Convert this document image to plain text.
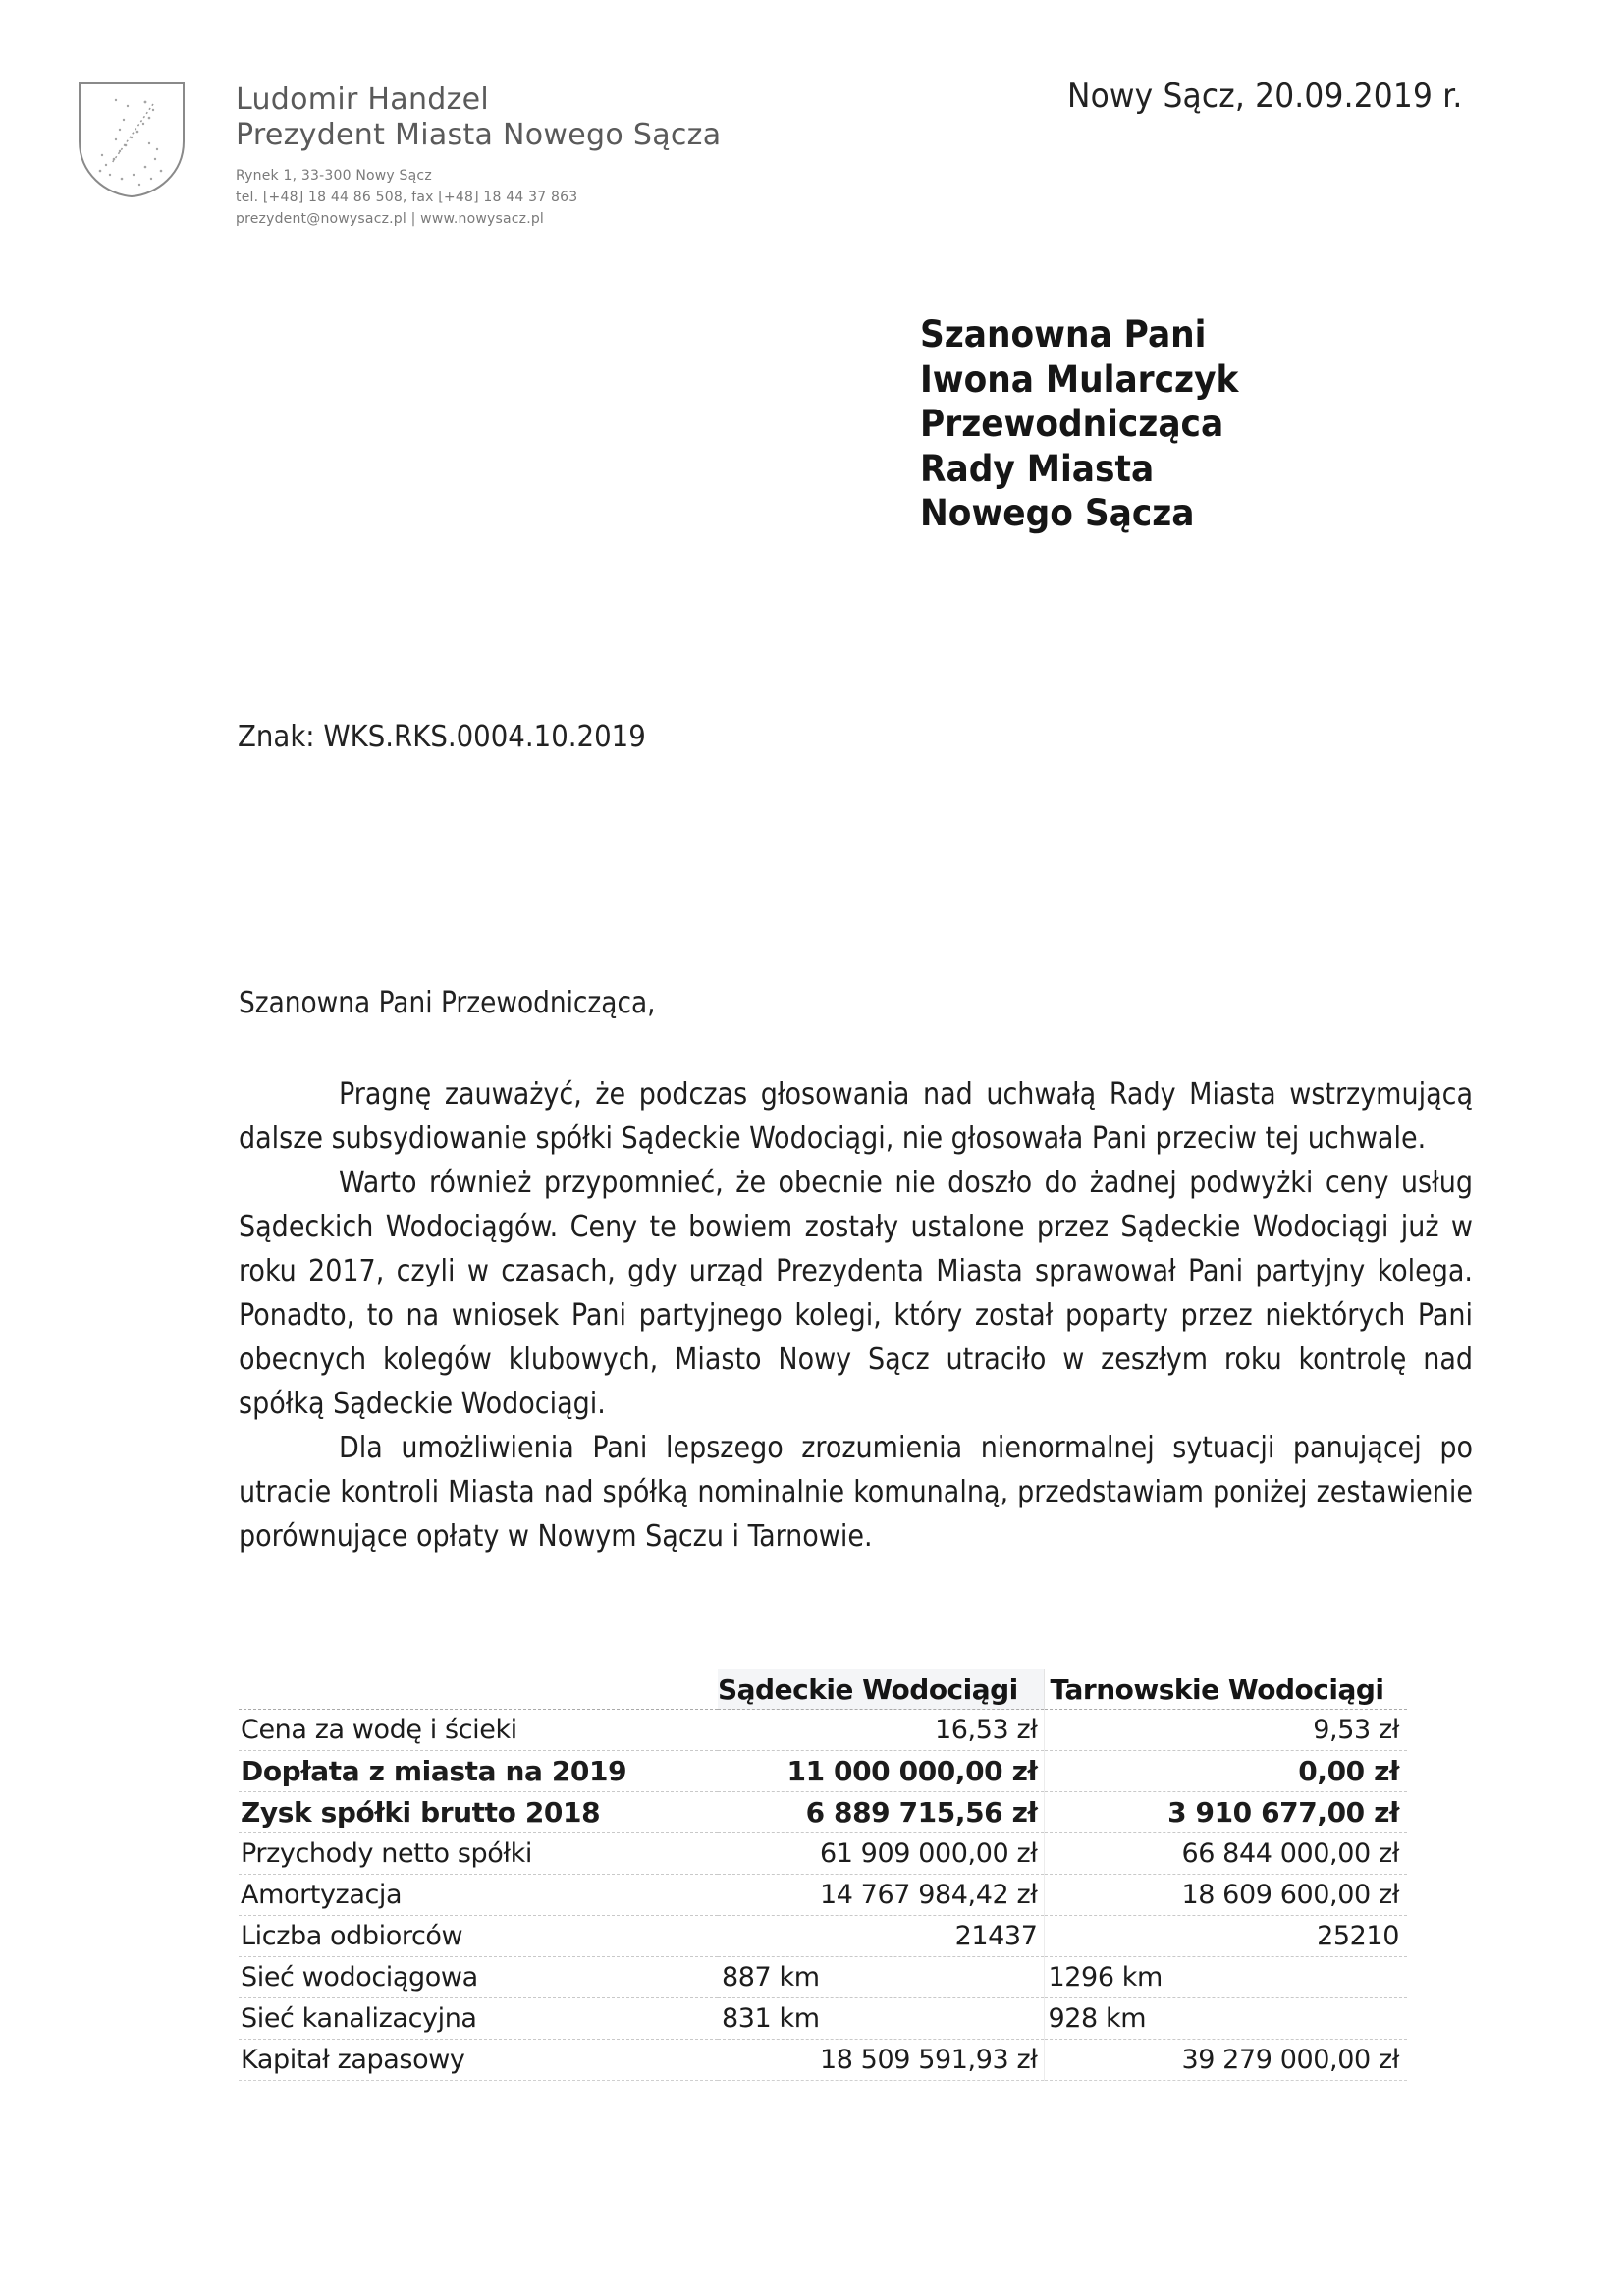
Ludomir Handzel
Prezydent Miasta Nowego Sącza
Rynek 1, 33-300 Nowy Sącz
tel. [+48] 18 44 86 508, fax [+48] 18 44 37 863
prezydent@nowysacz.pl | www.nowysacz.pl
Nowy Sącz, 20.09.2019 r.
Szanowna Pani
Iwona Mularczyk
Przewodnicząca
Rady Miasta
Nowego Sącza
Znak: WKS.RKS.0004.10.2019
Szanowna Pani Przewodnicząca,

Pragnę zauważyć, że podczas głosowania nad uchwałą Rady Miasta wstrzymującą dalsze subsydiowanie spółki Sądeckie Wodociągi, nie głosowała Pani przeciw tej uchwale.

Warto również przypomnieć, że obecnie nie doszło do żadnej podwyżki ceny usług Sądeckich Wodociągów. Ceny te bowiem zostały ustalone przez Sądeckie Wodociągi już w roku 2017, czyli w czasach, gdy urząd Prezydenta Miasta sprawował Pani partyjny kolega. Ponadto, to na wniosek Pani partyjnego kolegi, który został poparty przez niektórych Pani obecnych kolegów klubowych, Miasto Nowy Sącz utraciło w zeszłym roku kontrolę nad spółką Sądeckie Wodociągi.

Dla umożliwienia Pani lepszego zrozumienia nienormalnej sytuacji panującej po utracie kontroli Miasta nad spółką nominalnie komunalną, przedstawiam poniżej zestawienie porównujące opłaty w Nowym Sączu i Tarnowie.

	Sądeckie Wodociągi	Tarnowskie Wodociągi
Cena za wodę i ścieki	16,53 zł	9,53 zł
Dopłata z miasta na 2019	11 000 000,00 zł	0,00 zł
Zysk spółki brutto 2018	6 889 715,56 zł	3 910 677,00 zł
Przychody netto spółki	61 909 000,00 zł	66 844 000,00 zł
Amortyzacja	14 767 984,42 zł	18 609 600,00 zł
Liczba odbiorców	21437	25210
Sieć wodociągowa	887 km	1296 km
Sieć kanalizacyjna	831 km	928 km
Kapitał zapasowy	18 509 591,93 zł	39 279 000,00 zł
